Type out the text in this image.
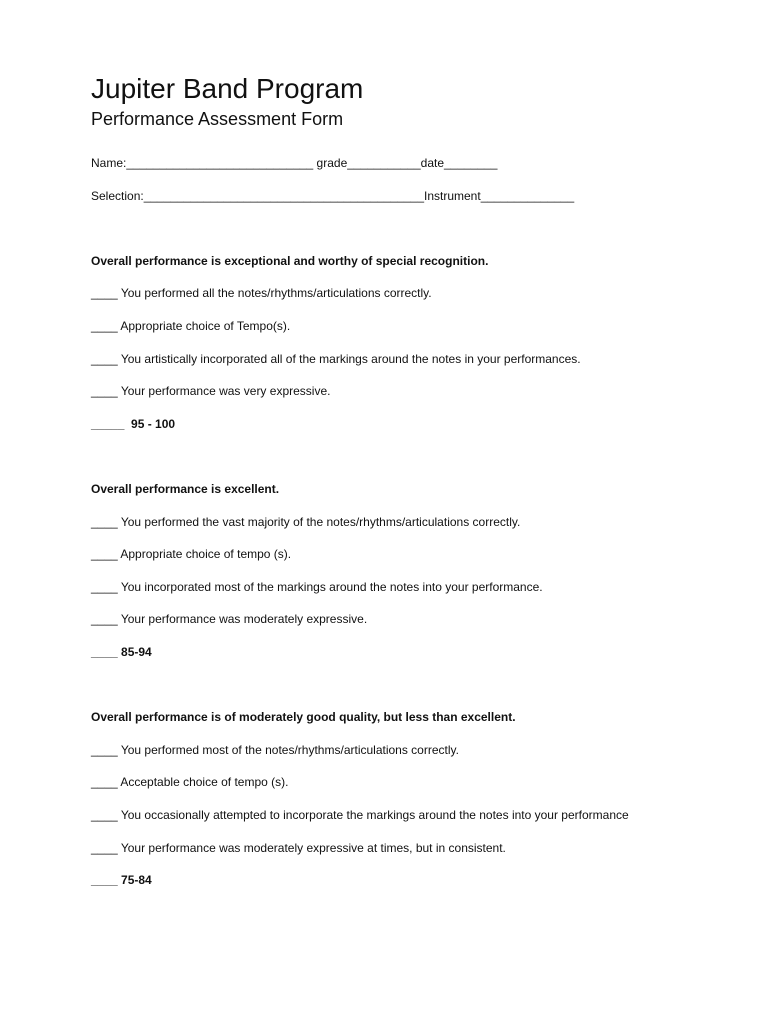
Jupiter Band Program
Performance Assessment Form
Name:____________________________ grade___________date________
Selection:__________________________________________Instrument______________
Overall performance is exceptional and worthy of special recognition.
____ You performed all the notes/rhythms/articulations correctly.
____ Appropriate choice of Tempo(s).
____ You artistically incorporated all of the markings around the notes in your performances.
____ Your performance was very expressive.
_____  95 - 100
Overall performance is excellent.
____ You performed the vast majority of the notes/rhythms/articulations correctly.
____ Appropriate choice of tempo (s).
____ You incorporated most of the markings around the notes into your performance.
____ Your performance was moderately expressive.
____ 85-94
Overall performance is of moderately good quality, but less than excellent.
____ You performed most of the notes/rhythms/articulations correctly.
____ Acceptable choice of tempo (s).
____ You occasionally attempted to incorporate the markings around the notes into your performance
____ Your performance was moderately expressive at times, but in consistent.
____ 75-84
